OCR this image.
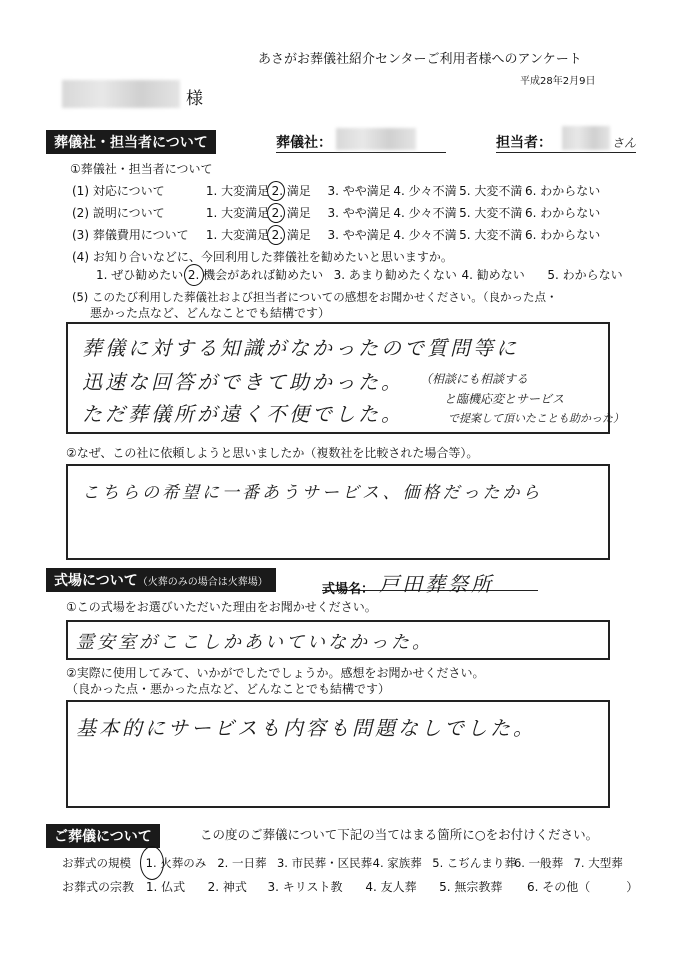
あさがお葬儀社紹介センターご利用者様へのアンケート
平成28年2月9日
様
葬儀社・担当者について	葬儀社：	担当者：	さん
①葬儀社・担当者について
(1) 対応について	1. 大変満足 2. 満足 3. やや満足 4. 少々不満 5. 大変不満 6. わからない
(2) 説明について	1. 大変満足 2. 満足 3. やや満足 4. 少々不満 5. 大変不満 6. わからない
(3) 葬儀費用について 1. 大変満足 2. 満足 3. やや満足 4. 少々不満 5. 大変不満 6. わからない
(4) お知り合いなどに、今回利用した葬儀社を勧めたいと思いますか。
1. ぜひ勧めたい 2. 機会があれば勧めたい 3. あまり勧めたくない 4. 勧めない 5. わからない
(5) このたび利用した葬儀社および担当者についての感想をお聞かせください。（良かった点・
悪かった点など、どんなことでも結構です）
葬儀に対する知識がなかったので質問等に
迅速な回答ができて助かった。
ただ葬儀所が遠く不便でした。
（相談にも相談する
と臨機応変とサービス
で提案して頂いたことも助かった）
②なぜ、この社に依頼しようと思いましたか（複数社を比較された場合等）。
こちらの希望に一番あうサービス、価格だったから
式場について（火葬のみの場合は火葬場）	$_{式場名:}$ 戸田葬祭所
①この式場をお選びいただいた理由をお聞かせください。
霊安室がここしかあいていなかった。
②実際に使用してみて、いかがでしたでしょうか。感想をお聞かせください。
（良かった点・悪かった点など、どんなことでも結構です）
基本的にサービスも内容も問題なしでした。
ご葬儀について	この度のご葬儀について下記の当てはまる箇所に○をお付けください。
お葬式の規模 1. 火葬のみ 2. 一日葬 3. 市民葬・区民葬 4. 家族葬 5. こぢんまり葬 6. 一般葬 7. 大型葬
お葬式の宗教 1. 仏式 2. 神式 3. キリスト教 4. 友人葬 5. 無宗教葬 6. その他（　　　）
